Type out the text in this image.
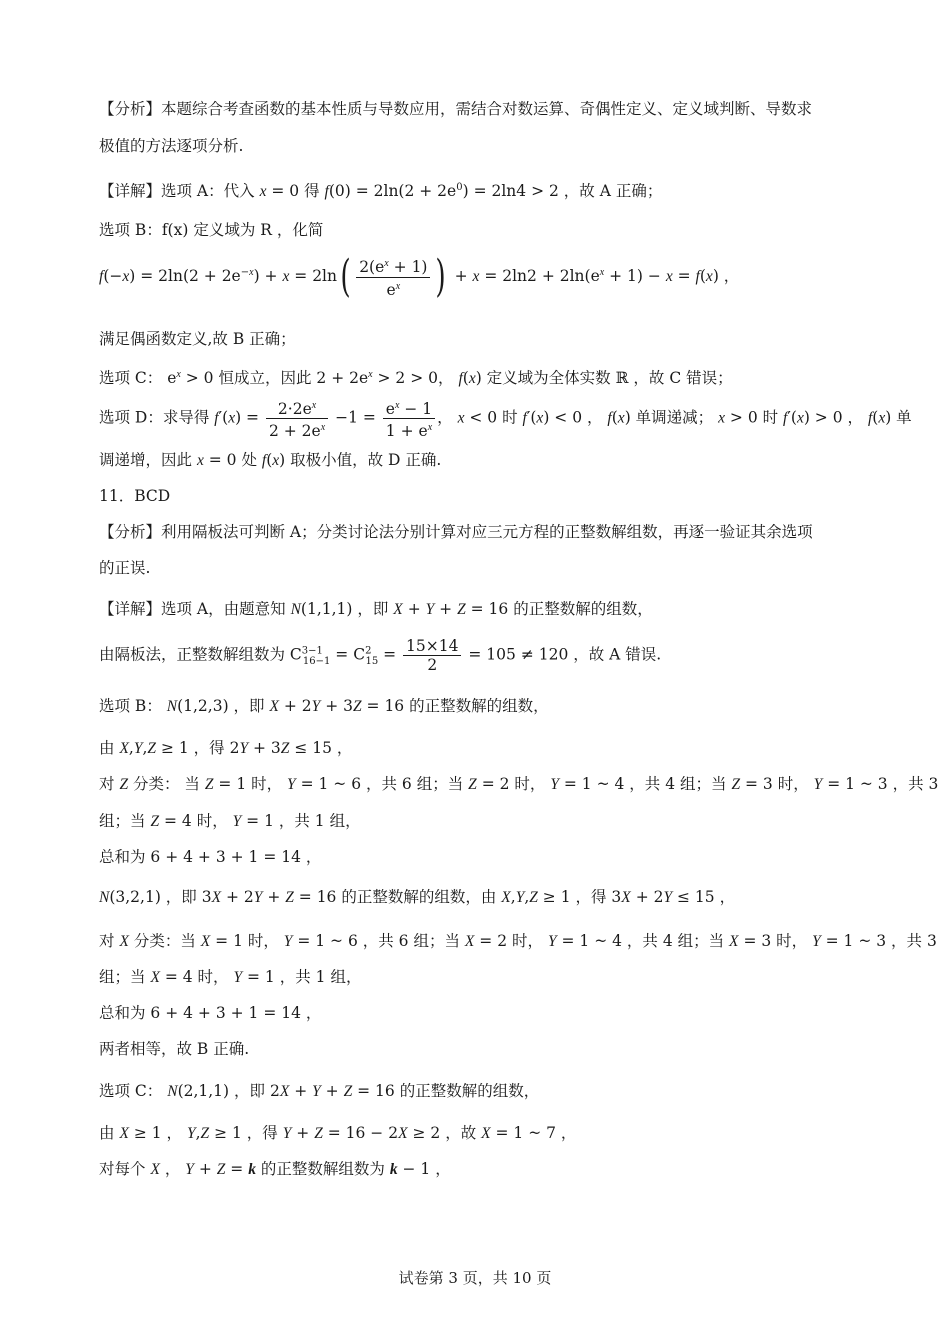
【分析】本题综合考查函数的基本性质与导数应用，需结合对数运算、奇偶性定义、定义域判断、导数求
极值的方法逐项分析.
【详解】选项 A：代入 x = 0 得 $f(0) = 2\ln(2 + 2e^0) = 2\ln 4 > 2$ ，故 A 正确；
选项 B：f(x) 定义域为 R ，化简
$f(-x) = 2\ln(2 + 2e^{-x}) + x = 2\ln( \frac{2(e^x + 1)}{e^x}$ ) + $x = 2\ln 2 + 2\ln(e^x + 1) - x = f(x)$ ，
满足偶函数定义,故 B 正确；
选项 C： $e^x > 0$ 恒成立，因此 $2 + 2e^x > 2 > 0$， f(x) 定义域为全体实数 ℝ ，故 C 错误；
选项 D：求导得 $f'(x) = \frac{2\cdot 2e^x}{2 + 2e^x} -1 = \frac{e^x - 1}{1 + e^x}$ ， x < 0 时 f′(x) < 0 ， f(x) 单调递减； x > 0 时 f′(x) > 0 ， f(x) 单
调递增，因此 x = 0 处 f(x) 取极小值，故 D 正确.
11．BCD
【分析】利用隔板法可判断 A；分类讨论法分别计算对应三元方程的正整数解组数，再逐一验证其余选项
的正误.
【详解】选项 A，由题意知 N(1,1,1) ，即 X + Y + Z = 16 的正整数解的组数，
由隔板法，正整数解组数为 $C^{3-1}_{16-1} = C^2_{15} = \frac{15\times 14}{2} = 105 \ne 120$ ，故 A 错误.
选项 B： N(1,2,3) ，即 X + 2Y + 3Z = 16 的正整数解的组数，
由 X,Y,Z ≥ 1 ，得 2Y + 3Z ≤ 15 ，
对 Z 分类： 当 Z = 1 时， Y = 1 ~ 6 ，共 6 组；当 Z = 2 时， Y = 1 ~ 4 ，共 4 组；当 Z = 3 时， Y = 1 ~ 3 ，共 3
组；当 Z = 4 时， Y = 1 ，共 1 组，
总和为 6 + 4 + 3 + 1 = 14 ，
N(3,2,1) ，即 3X + 2Y + Z = 16 的正整数解的组数，由 X,Y,Z ≥ 1 ，得 3X + 2Y ≤ 15 ，
对 X 分类：当 X = 1 时， Y = 1 ~ 6 ，共 6 组；当 X = 2 时， Y = 1 ~ 4 ，共 4 组；当 X = 3 时， Y = 1 ~ 3 ，共 3
组；当 X = 4 时， Y = 1 ，共 1 组，
总和为 6 + 4 + 3 + 1 = 14 ，
两者相等，故 B 正确.
选项 C： N(2,1,1) ，即 2X + Y + Z = 16 的正整数解的组数，
由 X ≥ 1 ， Y,Z ≥ 1 ，得 Y + Z = 16 − 2X ≥ 2 ，故 X = 1 ~ 7 ，
对每个 X ， Y + Z = k 的正整数解组数为 k − 1 ，
试卷第 3 页，共 10 页
